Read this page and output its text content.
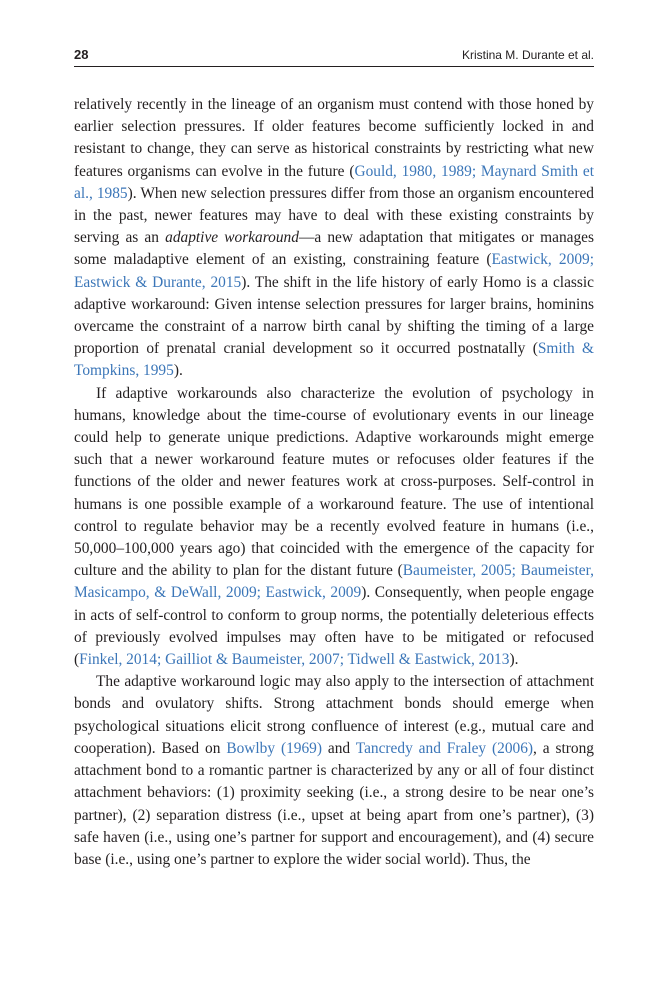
28	Kristina M. Durante et al.

relatively recently in the lineage of an organism must contend with those honed by earlier selection pressures. If older features become sufficiently locked in and resistant to change, they can serve as historical constraints by restricting what new features organisms can evolve in the future (Gould, 1980, 1989; Maynard Smith et al., 1985). When new selection pressures differ from those an organism encountered in the past, newer features may have to deal with these existing constraints by serving as an adaptive workaround—a new adaptation that mitigates or manages some maladaptive element of an existing, constraining feature (Eastwick, 2009; Eastwick & Durante, 2015). The shift in the life history of early Homo is a classic adaptive workaround: Given intense selection pressures for larger brains, hominins overcame the constraint of a narrow birth canal by shifting the timing of a large proportion of prenatal cranial development so it occurred postnatally (Smith & Tompkins, 1995).

If adaptive workarounds also characterize the evolution of psychology in humans, knowledge about the time-course of evolutionary events in our lineage could help to generate unique predictions. Adaptive workarounds might emerge such that a newer workaround feature mutes or refocuses older features if the functions of the older and newer features work at cross-purposes. Self-control in humans is one possible example of a workaround feature. The use of intentional control to regulate behavior may be a recently evolved feature in humans (i.e., 50,000–100,000 years ago) that coincided with the emergence of the capacity for culture and the ability to plan for the distant future (Baumeister, 2005; Baumeister, Masicampo, & DeWall, 2009; Eastwick, 2009). Consequently, when people engage in acts of self-control to conform to group norms, the potentially deleterious effects of previously evolved impulses may often have to be mitigated or refocused (Finkel, 2014; Gailliot & Baumeister, 2007; Tidwell & Eastwick, 2013).

The adaptive workaround logic may also apply to the intersection of attachment bonds and ovulatory shifts. Strong attachment bonds should emerge when psychological situations elicit strong confluence of interest (e.g., mutual care and cooperation). Based on Bowlby (1969) and Tancredy and Fraley (2006), a strong attachment bond to a romantic partner is characterized by any or all of four distinct attachment behaviors: (1) proximity seeking (i.e., a strong desire to be near one’s partner), (2) separation distress (i.e., upset at being apart from one’s partner), (3) safe haven (i.e., using one’s partner for support and encouragement), and (4) secure base (i.e., using one’s partner to explore the wider social world). Thus, the
